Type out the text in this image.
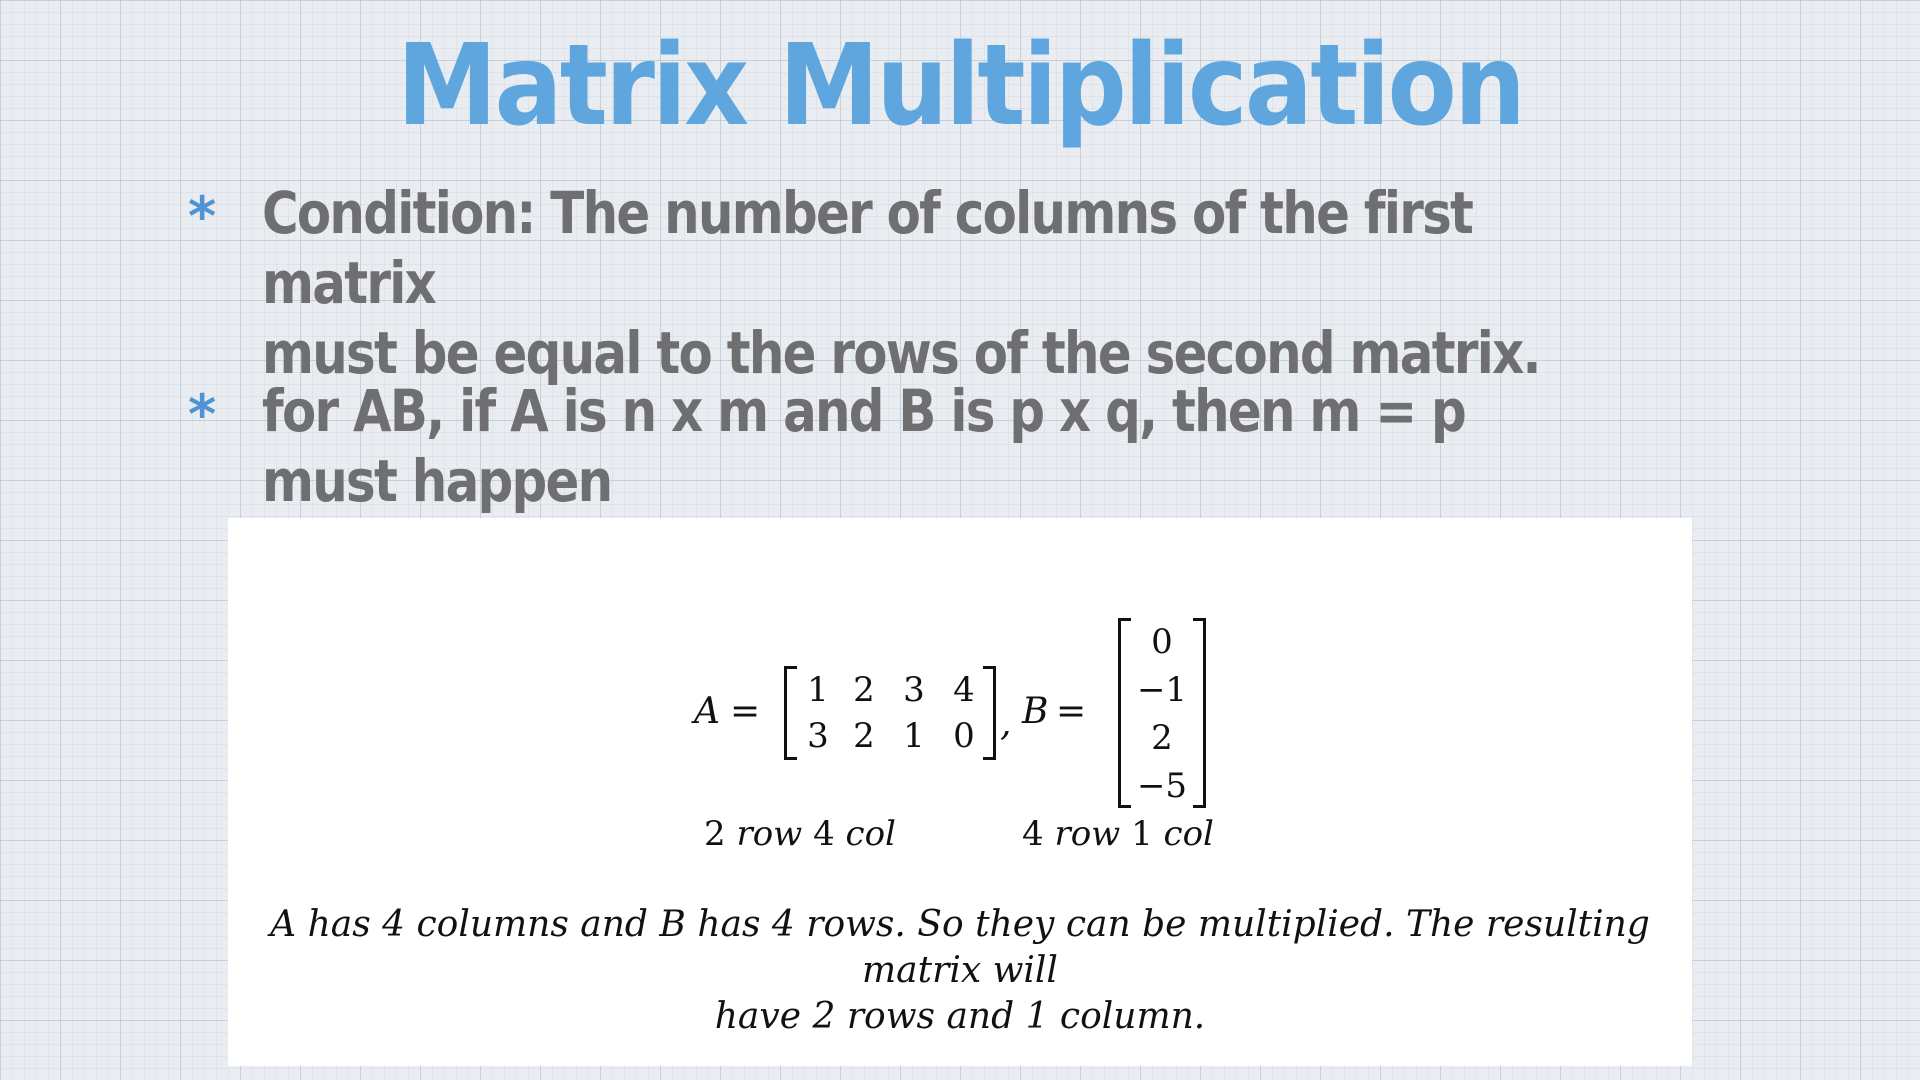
Matrix Multiplication
* Condition: The number of columns of the first matrix
must be equal to the rows of the second matrix.
* for AB, if A is n x m and B is p x q, then m = p must happen
A =
1 2 3 4
3 2 1 0 , B =
0
−1
2
−5
2 row 4 col	4 row 1 col
A has 4 columns and B has 4 rows. So they can be multiplied. The resulting matrix will
have 2 rows and 1 column.
